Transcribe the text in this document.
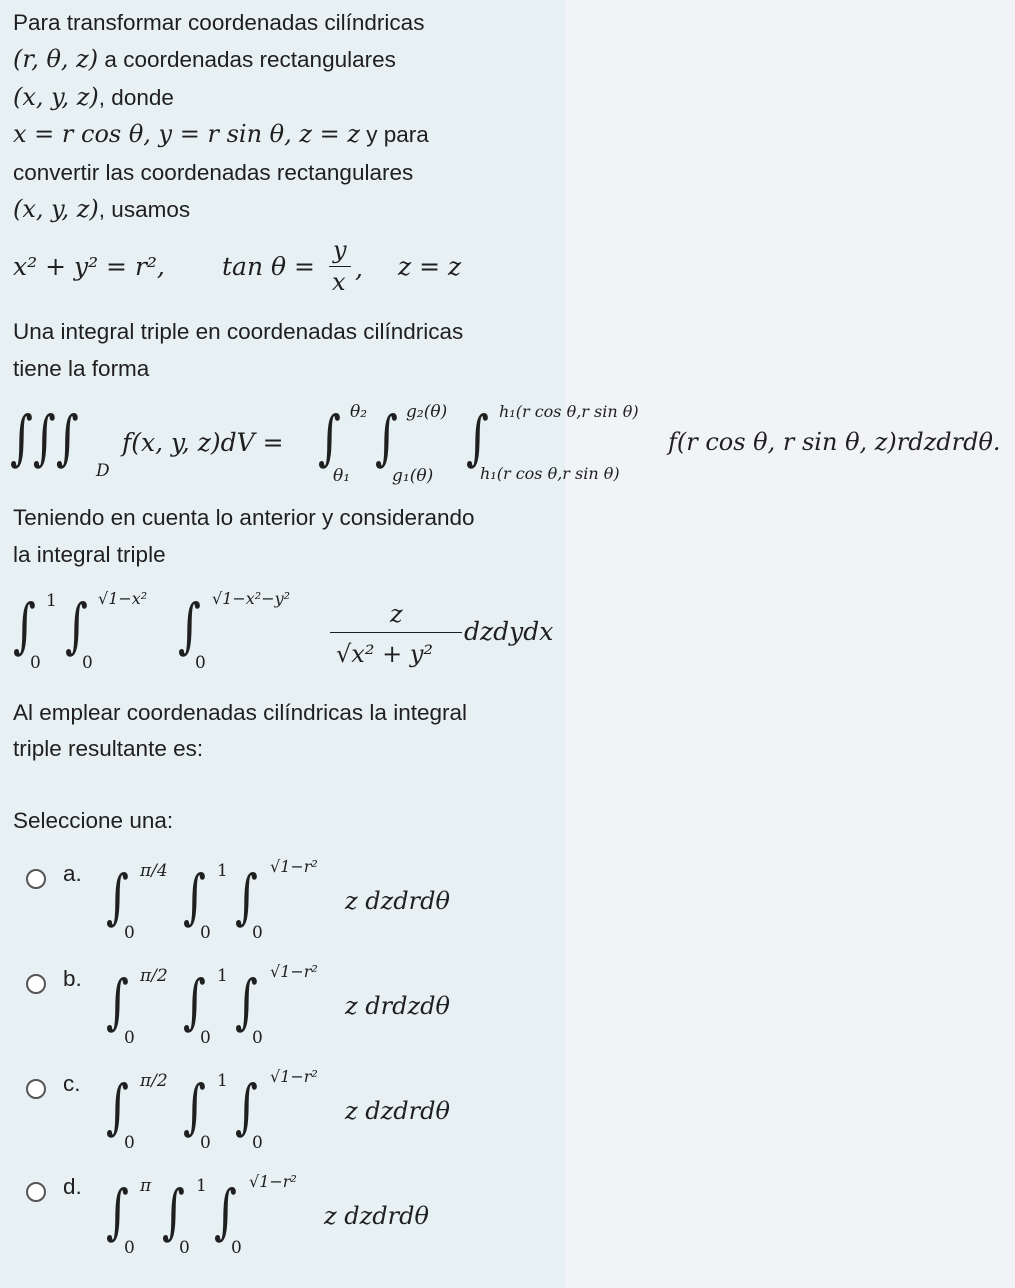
Para transformar coordenadas cilíndricas
(r, θ, z) a coordenadas rectangulares
(x, y, z), donde
x = r cos θ, y = r sin θ, z = z y para
convertir las coordenadas rectangulares
(x, y, z), usamos
x² + y² = r², tan θ =
y
x , z = z
Una integral triple en coordenadas cilíndricas
tiene la forma
∫∫∫ D
f(x, y, z)dV = ∫ θ₂
θ₁
∫ g₂(θ)
g₁(θ)
∫ h₁(r cos θ,r sin θ)
h₁(r cos θ,r sin θ)
f(r cos θ, r sin θ, z)rdzdrdθ.
Teniendo en cuenta lo anterior y considerando
la integral triple
∫ 1
0
∫ √1−x²
0
∫ √1−x²−y²
0
z
√x² + y²
dzdydx
Al emplear coordenadas cilíndricas la integral
triple resultante es:
Seleccione una:
a. ∫ π/4
0
∫ 1
0
∫ √1−r²
0
z dzdrdθ
b. ∫ π/2
0
∫ 1
0
∫ √1−r²
0
z drdzdθ
c. ∫ π/2
0
∫ 1
0
∫ √1−r²
0
z dzdrdθ
d. ∫ π
0
∫ 1
0
∫ √1−r²
0
z dzdrdθ
